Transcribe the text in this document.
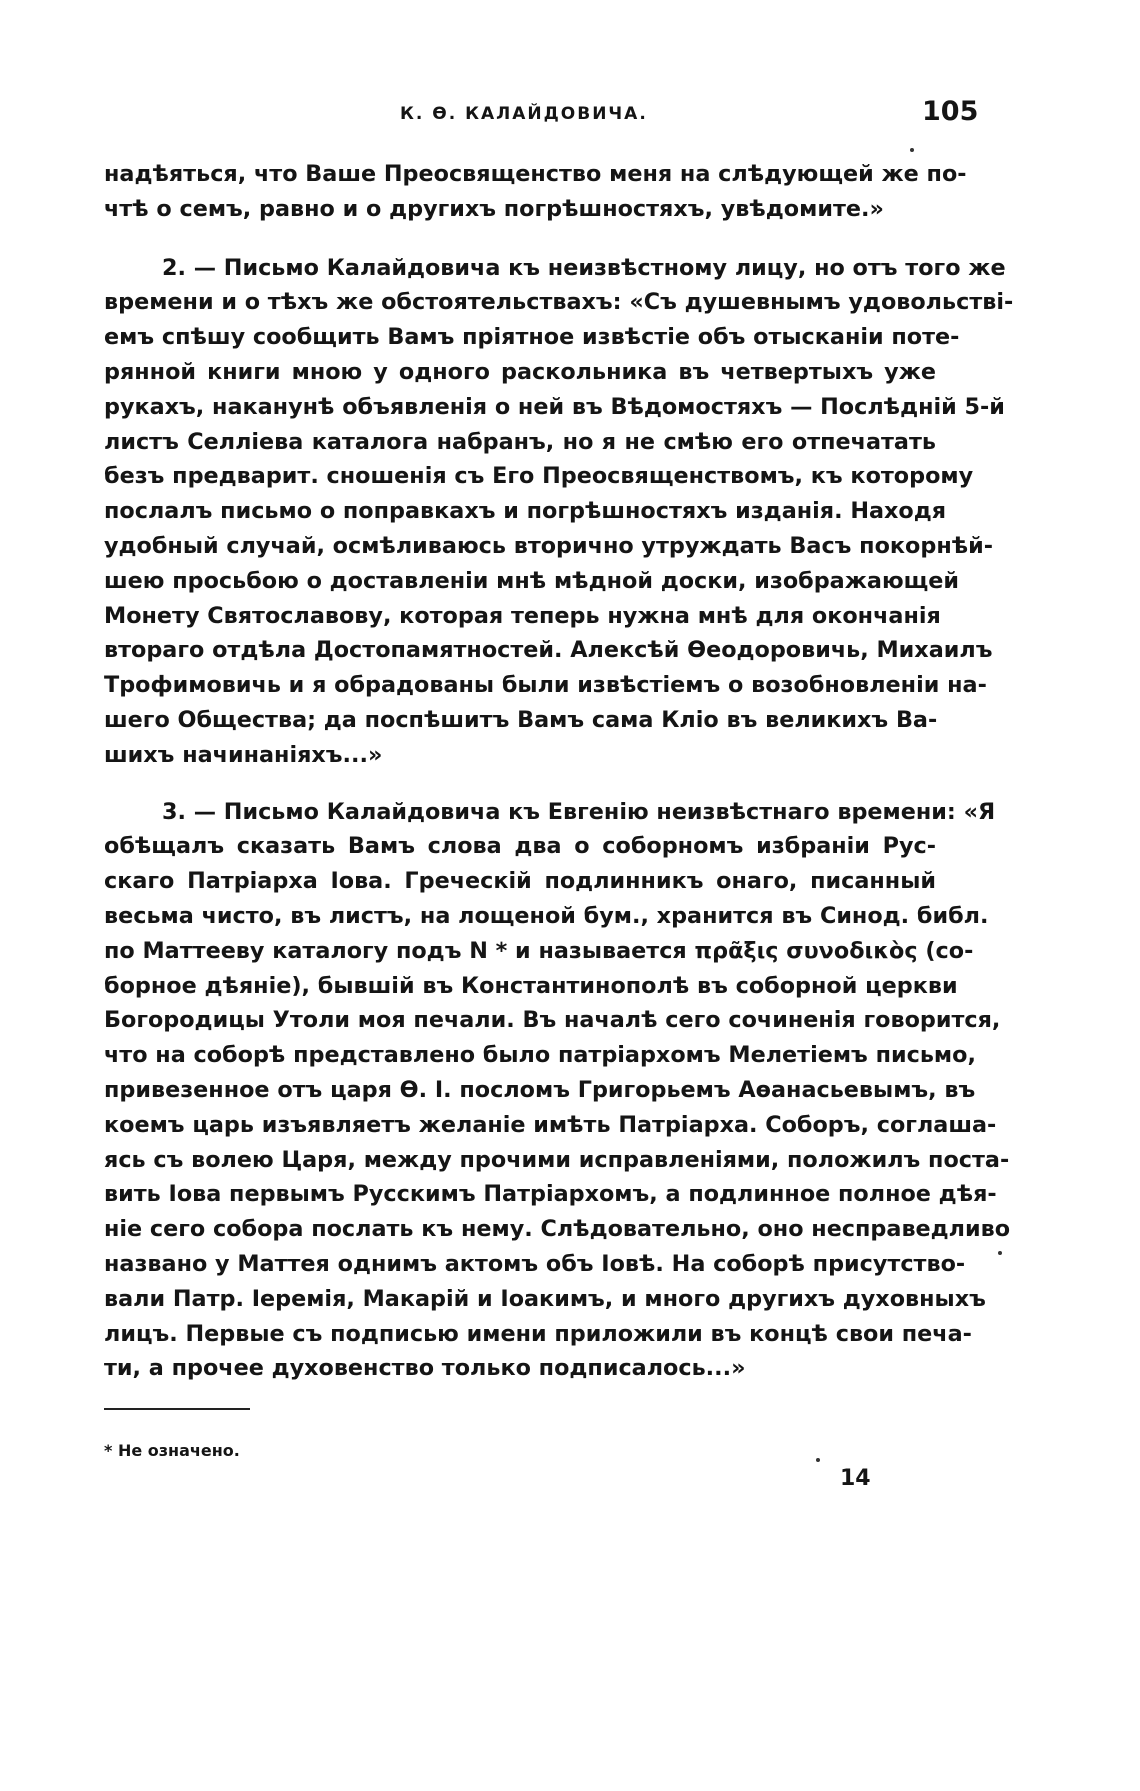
К. Ѳ. КАЛАЙДОВИЧА.	105

надѣяться, что Ваше Преосвященство меня на слѣдующей же по-
чтѣ о семъ, равно и о другихъ погрѣшностяхъ, увѣдомите.»

2. — Письмо Калайдовича къ неизвѣстному лицу, но отъ того же
времени и о тѣхъ же обстоятельствахъ: «Съ душевнымъ удовольствi-
емъ спѣшу сообщить Вамъ прiятное извѣстiе объ отысканiи поте-
рянной книги мною у одного раскольника въ четвертыхъ уже
рукахъ, наканунѣ объявленiя о ней въ Вѣдомостяхъ — Послѣднiй 5-й
листъ Селлiева каталога набранъ, но я не смѣю его отпечатать
безъ предварит. сношенiя съ Его Преосвященствомъ, къ которому
послалъ письмо о поправкахъ и погрѣшностяхъ изданiя. Находя
удобный случай, осмѣливаюсь вторично утруждать Васъ покорнѣй-
шею просьбою о доставленiи мнѣ мѣдной доски, изображающей
Монету Святославову, которая теперь нужна мнѣ для окончанiя
втораго отдѣла Достопамятностей. Алексѣй Ѳеодоровичь, Михаилъ
Трофимовичь и я обрадованы были извѣстiемъ о возобновленiи на-
шего Общества; да поспѣшитъ Вамъ сама Клiо въ великихъ Ва-
шихъ начинанiяхъ...»

3. — Письмо Калайдовича къ Евгенiю неизвѣстнаго времени: «Я
обѣщалъ сказать Вамъ слова два о соборномъ избранiи Рус-
скаго Патрiарха Iова. Греческiй подлинникъ онаго, писанный
весьма чисто, въ листъ, на лощеной бум., хранится въ Синод. библ.
по Маттееву каталогу подъ N * и называется πρᾶξις συνοδικὸς (со-
борное дѣянiе), бывшiй въ Константинополѣ въ соборной церкви
Богородицы Утоли моя печали. Въ началѣ сего сочиненiя говорится,
что на соборѣ представлено было патрiархомъ Мелетiемъ письмо,
привезенное отъ царя Ѳ. I. посломъ Григорьемъ Аѳанасьевымъ, въ
коемъ царь изъявляетъ желанiе имѣть Патрiарха. Соборъ, соглаша-
ясь съ волею Царя, между прочими исправленiями, положилъ поста-
вить Iова первымъ Русскимъ Патрiархомъ, а подлинное полное дѣя-
нiе сего собора послать къ нему. Слѣдовательно, оно несправедливо
названо у Маттея однимъ актомъ объ Iовѣ. На соборѣ присутство-
вали Патр. Iеремiя, Макарiй и Iоакимъ, и много другихъ духовныхъ
лицъ. Первые съ подписью имени приложили въ концѣ свои печа-
ти, а прочее духовенство только подписалось...»

* Не означено.
14
